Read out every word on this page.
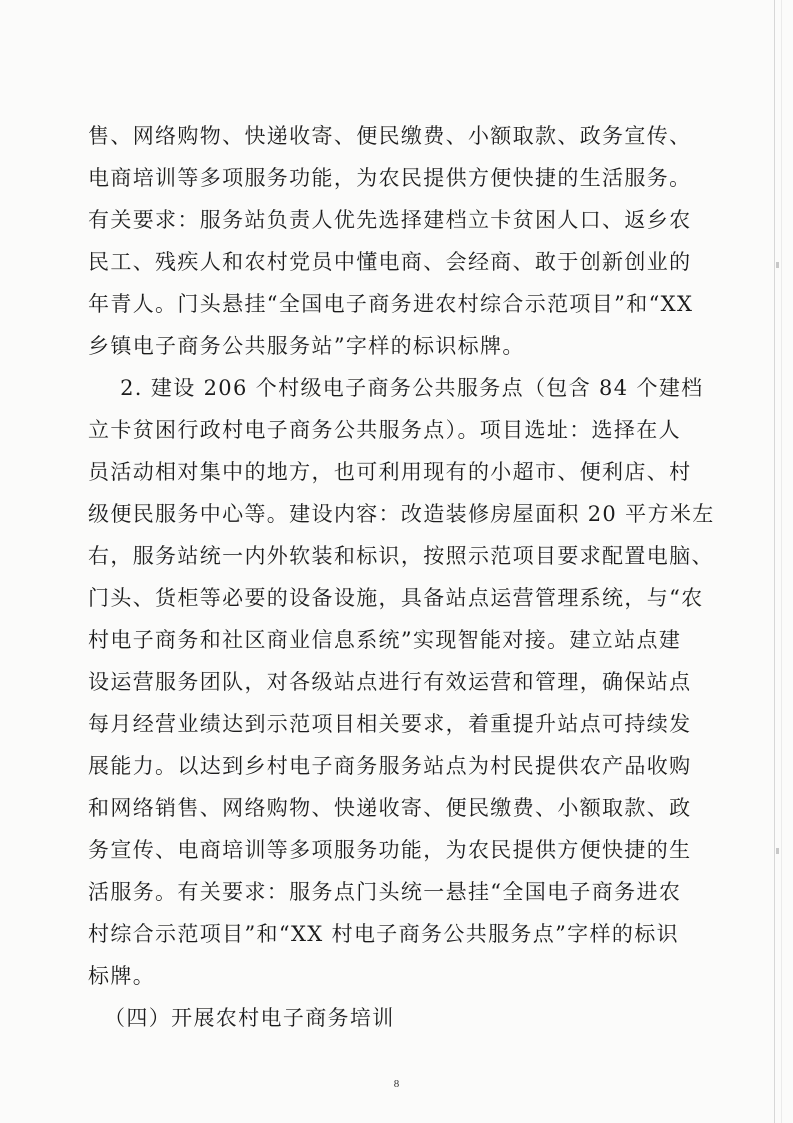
售、网络购物、快递收寄、便民缴费、小额取款、政务宣传、
电商培训等多项服务功能，为农民提供方便快捷的生活服务。
有关要求：服务站负责人优先选择建档立卡贫困人口、返乡农
民工、残疾人和农村党员中懂电商、会经商、敢于创新创业的
年青人。门头悬挂“全国电子商务进农村综合示范项目”和“XX
乡镇电子商务公共服务站”字样的标识标牌。
2. 建设 206 个村级电子商务公共服务点（包含 84 个建档
立卡贫困行政村电子商务公共服务点）。项目选址：选择在人
员活动相对集中的地方，也可利用现有的小超市、便利店、村
级便民服务中心等。建设内容：改造装修房屋面积 20 平方米左
右，服务站统一内外软装和标识，按照示范项目要求配置电脑、
门头、货柜等必要的设备设施，具备站点运营管理系统，与“农
村电子商务和社区商业信息系统”实现智能对接。建立站点建
设运营服务团队，对各级站点进行有效运营和管理，确保站点
每月经营业绩达到示范项目相关要求，着重提升站点可持续发
展能力。以达到乡村电子商务服务站点为村民提供农产品收购
和网络销售、网络购物、快递收寄、便民缴费、小额取款、政
务宣传、电商培训等多项服务功能，为农民提供方便快捷的生
活服务。有关要求：服务点门头统一悬挂“全国电子商务进农
村综合示范项目”和“XX 村电子商务公共服务点”字样的标识
标牌。
（四）开展农村电子商务培训
8
